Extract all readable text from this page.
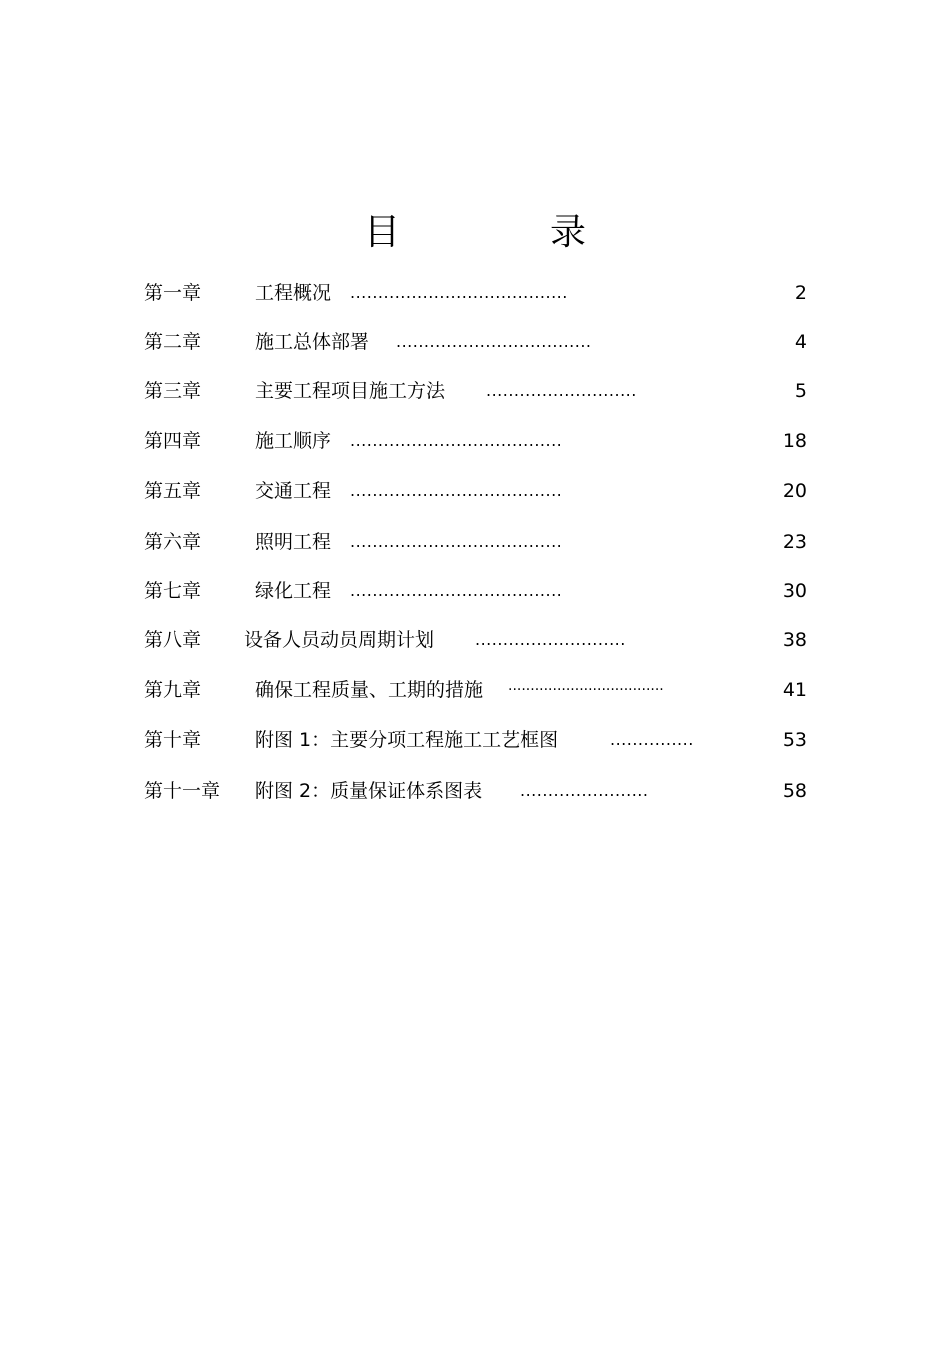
目	录
第一章	工程概况 .......................................	2
第二章	施工总体部署 ...................................	4
第三章	主要工程项目施工方法	...........................	5
第四章	施工顺序 ......................................	18
第五章	交通工程 ......................................	20
第六章	照明工程 ......................................	23
第七章	绿化工程 ......................................	30
第八章 设备人员动员周期计划	...........................	38
第九章	确保工程质量、工期的措施 ···································	41
第十章	附图 1：主要分项工程施工工艺框图	...............	53
第十一章 附图 2：质量保证体系图表 .......................	58
